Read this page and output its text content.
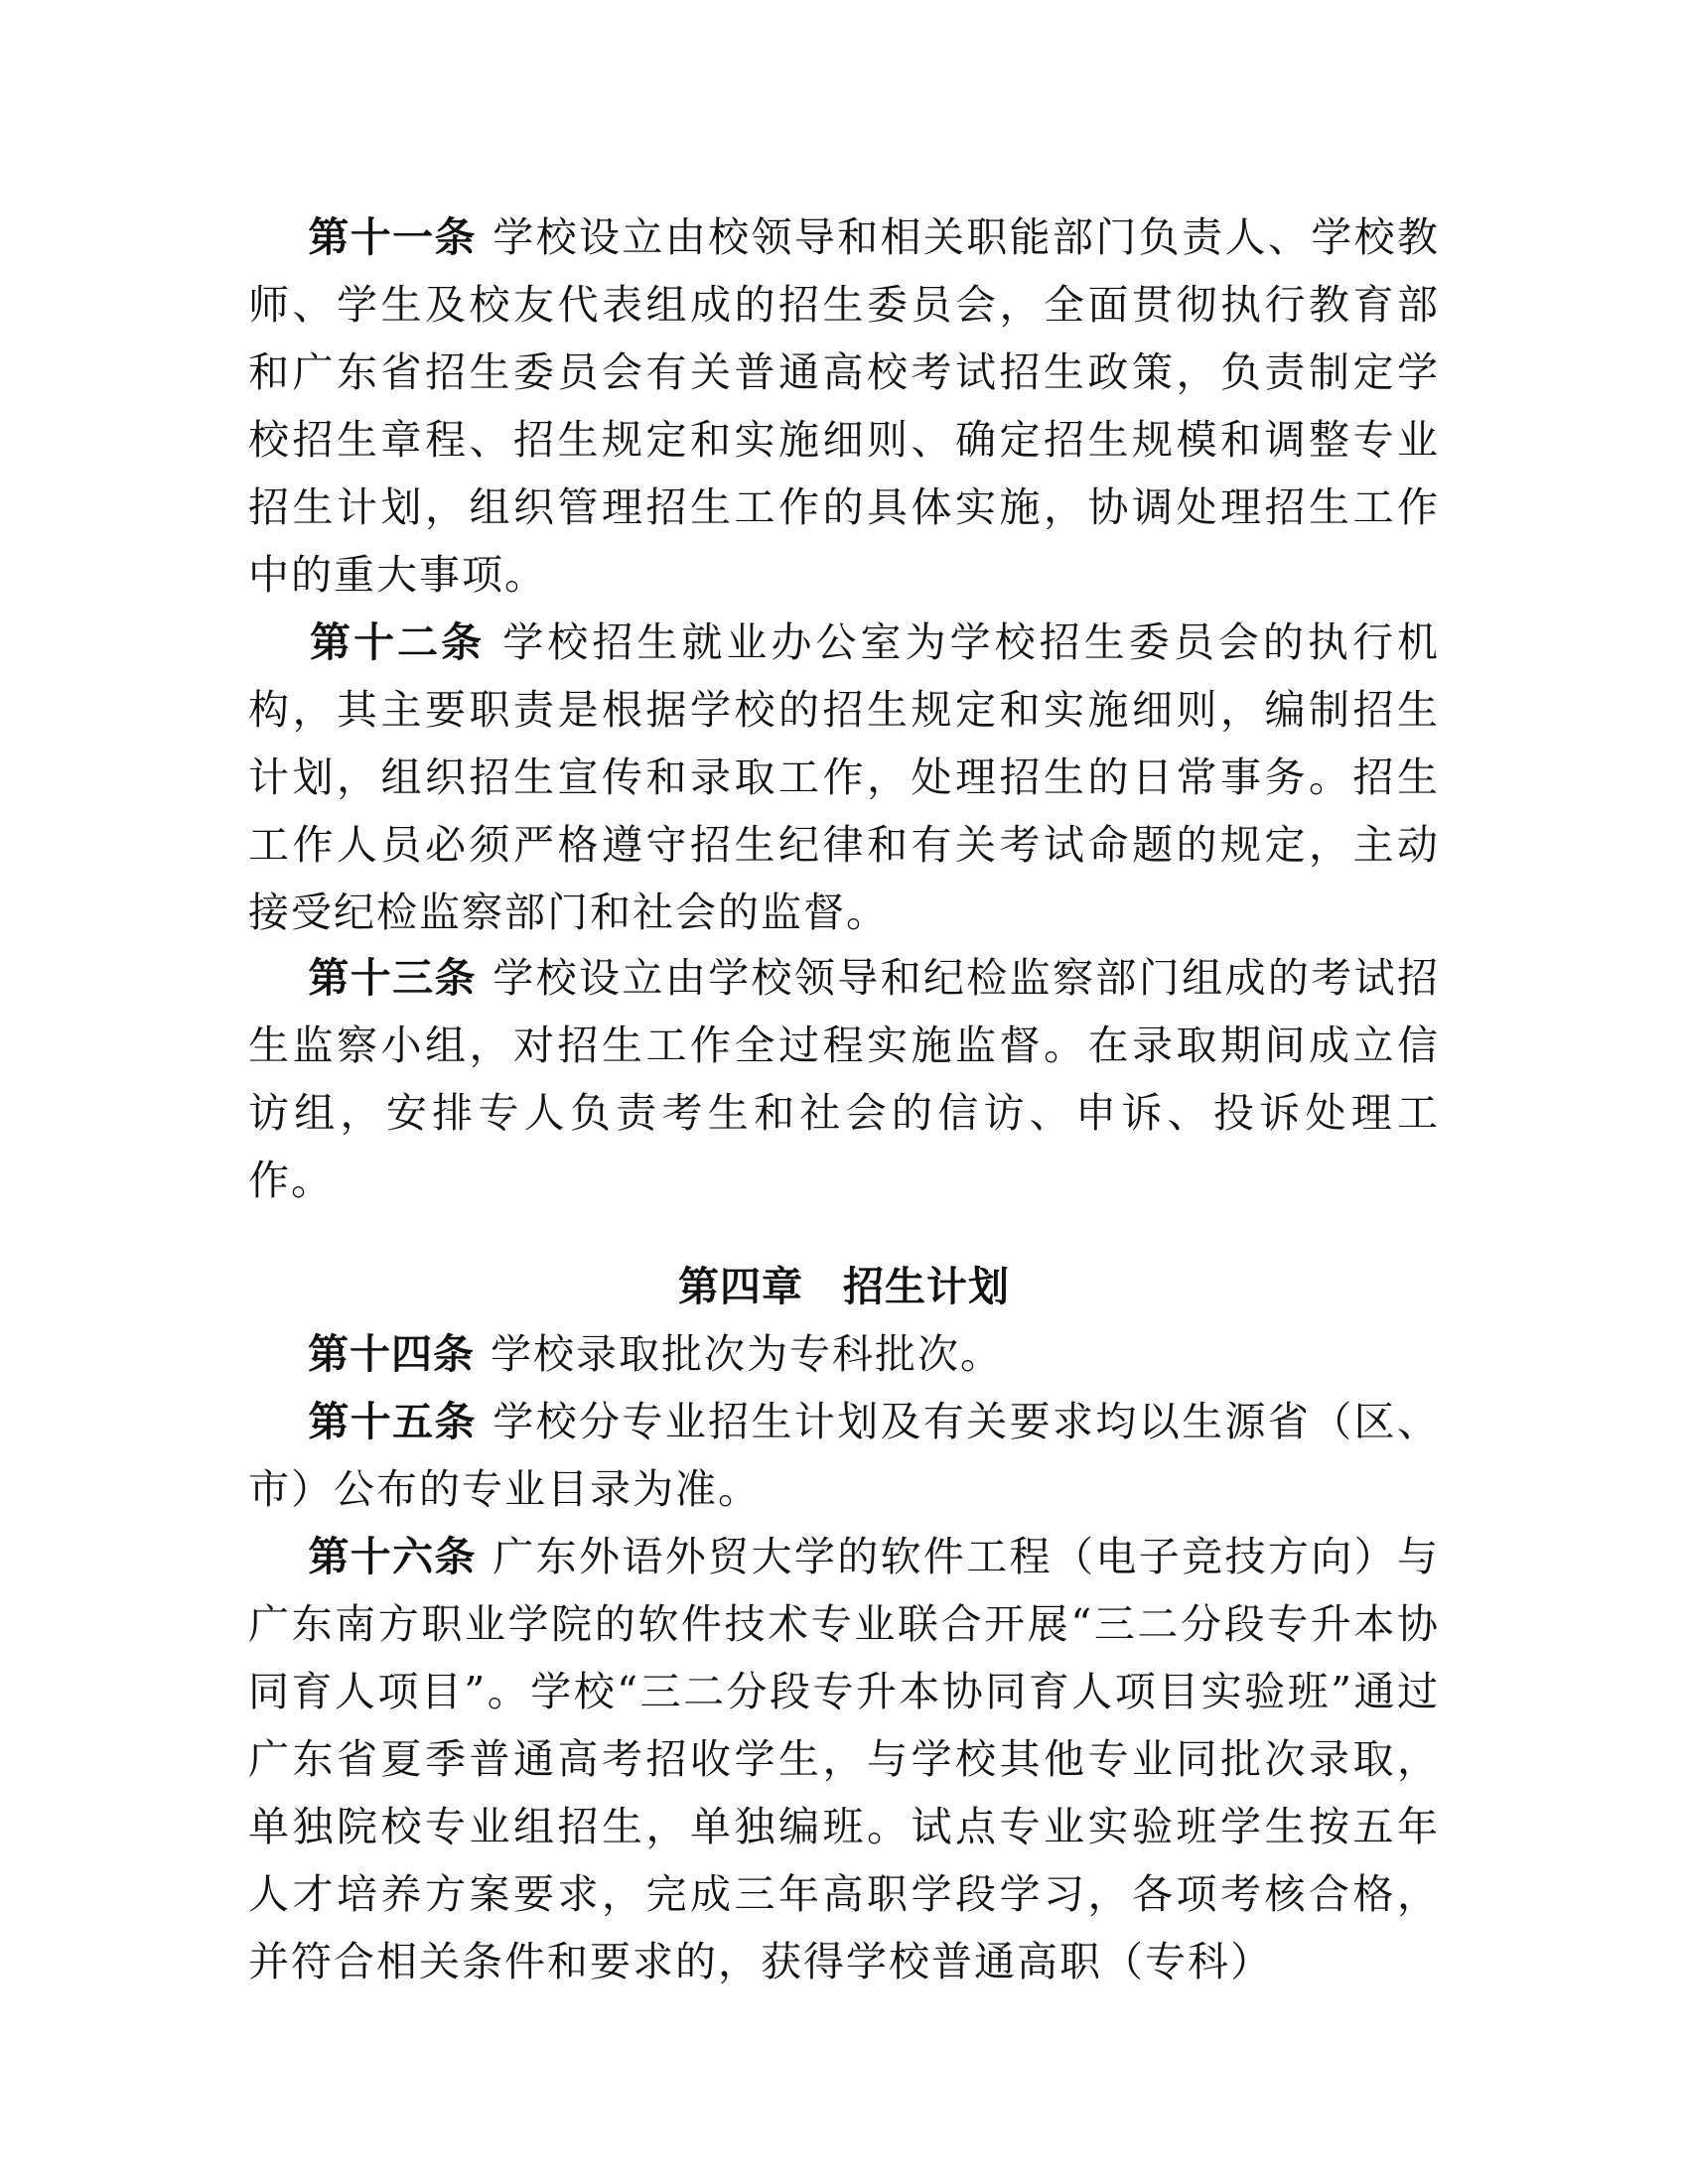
第十一条 学校设立由校领导和相关职能部门负责人、学校教师、学生及校友代表组成的招生委员会，全面贯彻执行教育部和广东省招生委员会有关普通高校考试招生政策，负责制定学校招生章程、招生规定和实施细则、确定招生规模和调整专业招生计划，组织管理招生工作的具体实施，协调处理招生工作中的重大事项。

第十二条 学校招生就业办公室为学校招生委员会的执行机构，其主要职责是根据学校的招生规定和实施细则，编制招生计划，组织招生宣传和录取工作，处理招生的日常事务。招生工作人员必须严格遵守招生纪律和有关考试命题的规定，主动接受纪检监察部门和社会的监督。

第十三条 学校设立由学校领导和纪检监察部门组成的考试招生监察小组，对招生工作全过程实施监督。在录取期间成立信访组，安排专人负责考生和社会的信访、申诉、投诉处理工作。

第四章 招生计划

第十四条 学校录取批次为专科批次。

第十五条 学校分专业招生计划及有关要求均以生源省（区、市）公布的专业目录为准。

第十六条 广东外语外贸大学的软件工程（电子竞技方向）与广东南方职业学院的软件技术专业联合开展“三二分段专升本协同育人项目”。学校“三二分段专升本协同育人项目实验班”通过广东省夏季普通高考招收学生，与学校其他专业同批次录取，单独院校专业组招生，单独编班。试点专业实验班学生按五年人才培养方案要求，完成三年高职学段学习，各项考核合格，并符合相关条件和要求的，获得学校普通高职（专科）
